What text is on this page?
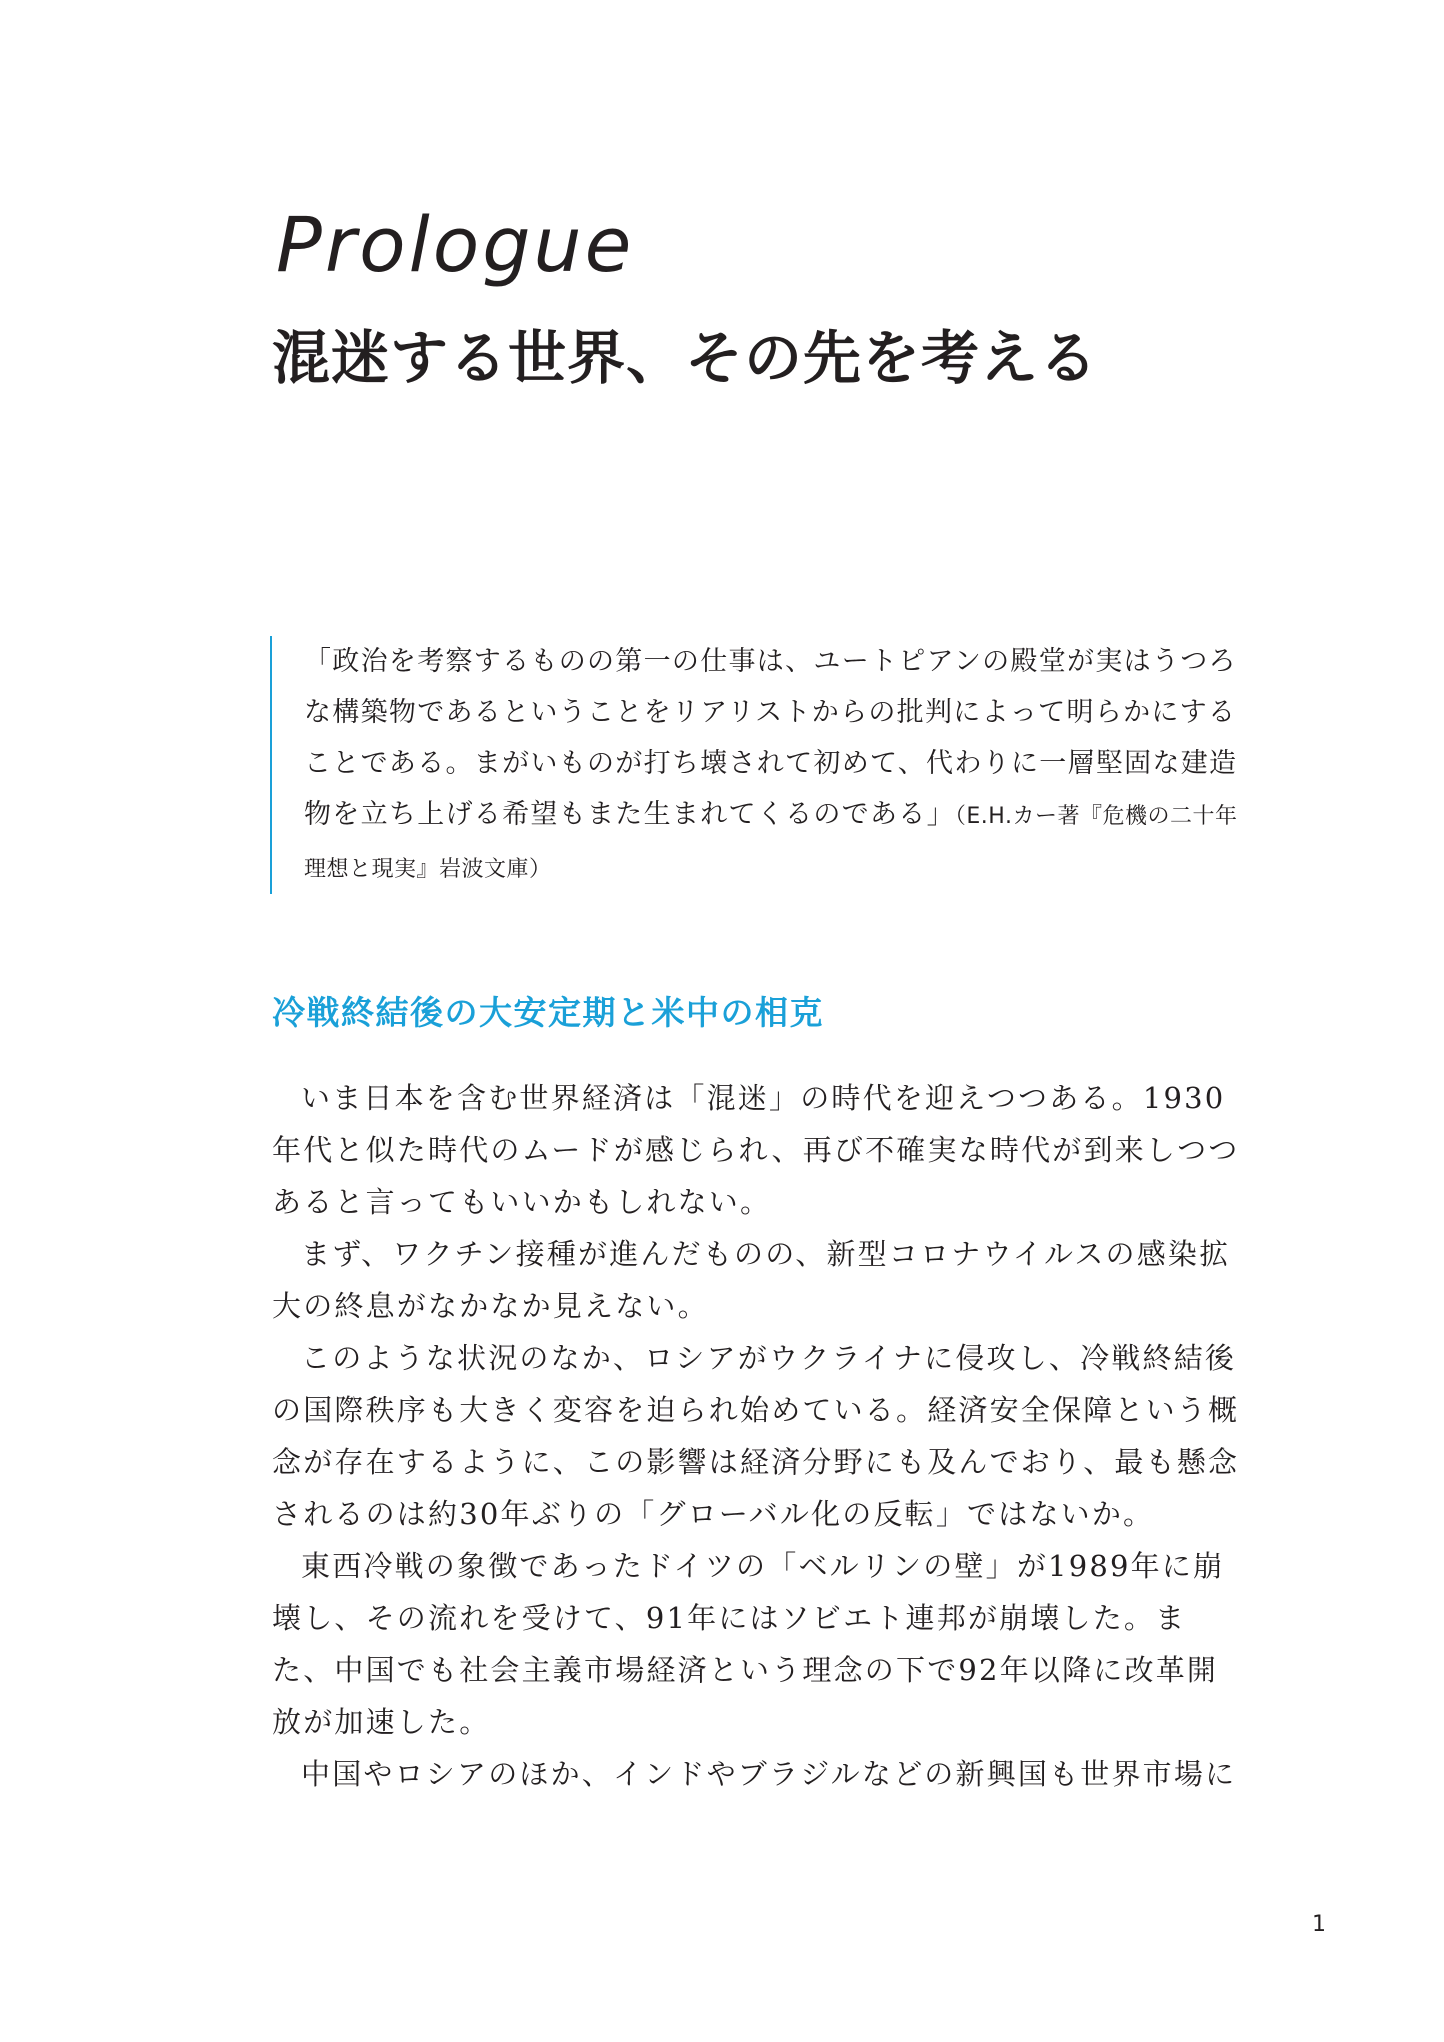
Prologue
混迷する世界、その先を考える

「政治を考察するものの第一の仕事は、ユートピアンの殿堂が実はうつろな構築物であるということをリアリストからの批判によって明らかにすることである。まがいものが打ち壊されて初めて、代わりに一層堅固な建造物を立ち上げる希望もまた生まれてくるのである」（E.H.カー著『危機の二十年　理想と現実』岩波文庫）

冷戦終結後の大安定期と米中の相克

いま日本を含む世界経済は「混迷」の時代を迎えつつある。1930年代と似た時代のムードが感じられ、再び不確実な時代が到来しつつあると言ってもいいかもしれない。

まず、ワクチン接種が進んだものの、新型コロナウイルスの感染拡大の終息がなかなか見えない。

このような状況のなか、ロシアがウクライナに侵攻し、冷戦終結後の国際秩序も大きく変容を迫られ始めている。経済安全保障という概念が存在するように、この影響は経済分野にも及んでおり、最も懸念されるのは約30年ぶりの「グローバル化の反転」ではないか。

東西冷戦の象徴であったドイツの「ベルリンの壁」が1989年に崩壊し、その流れを受けて、91年にはソビエト連邦が崩壊した。また、中国でも社会主義市場経済という理念の下で92年以降に改革開放が加速した。

中国やロシアのほか、インドやブラジルなどの新興国も世界市場に

1
